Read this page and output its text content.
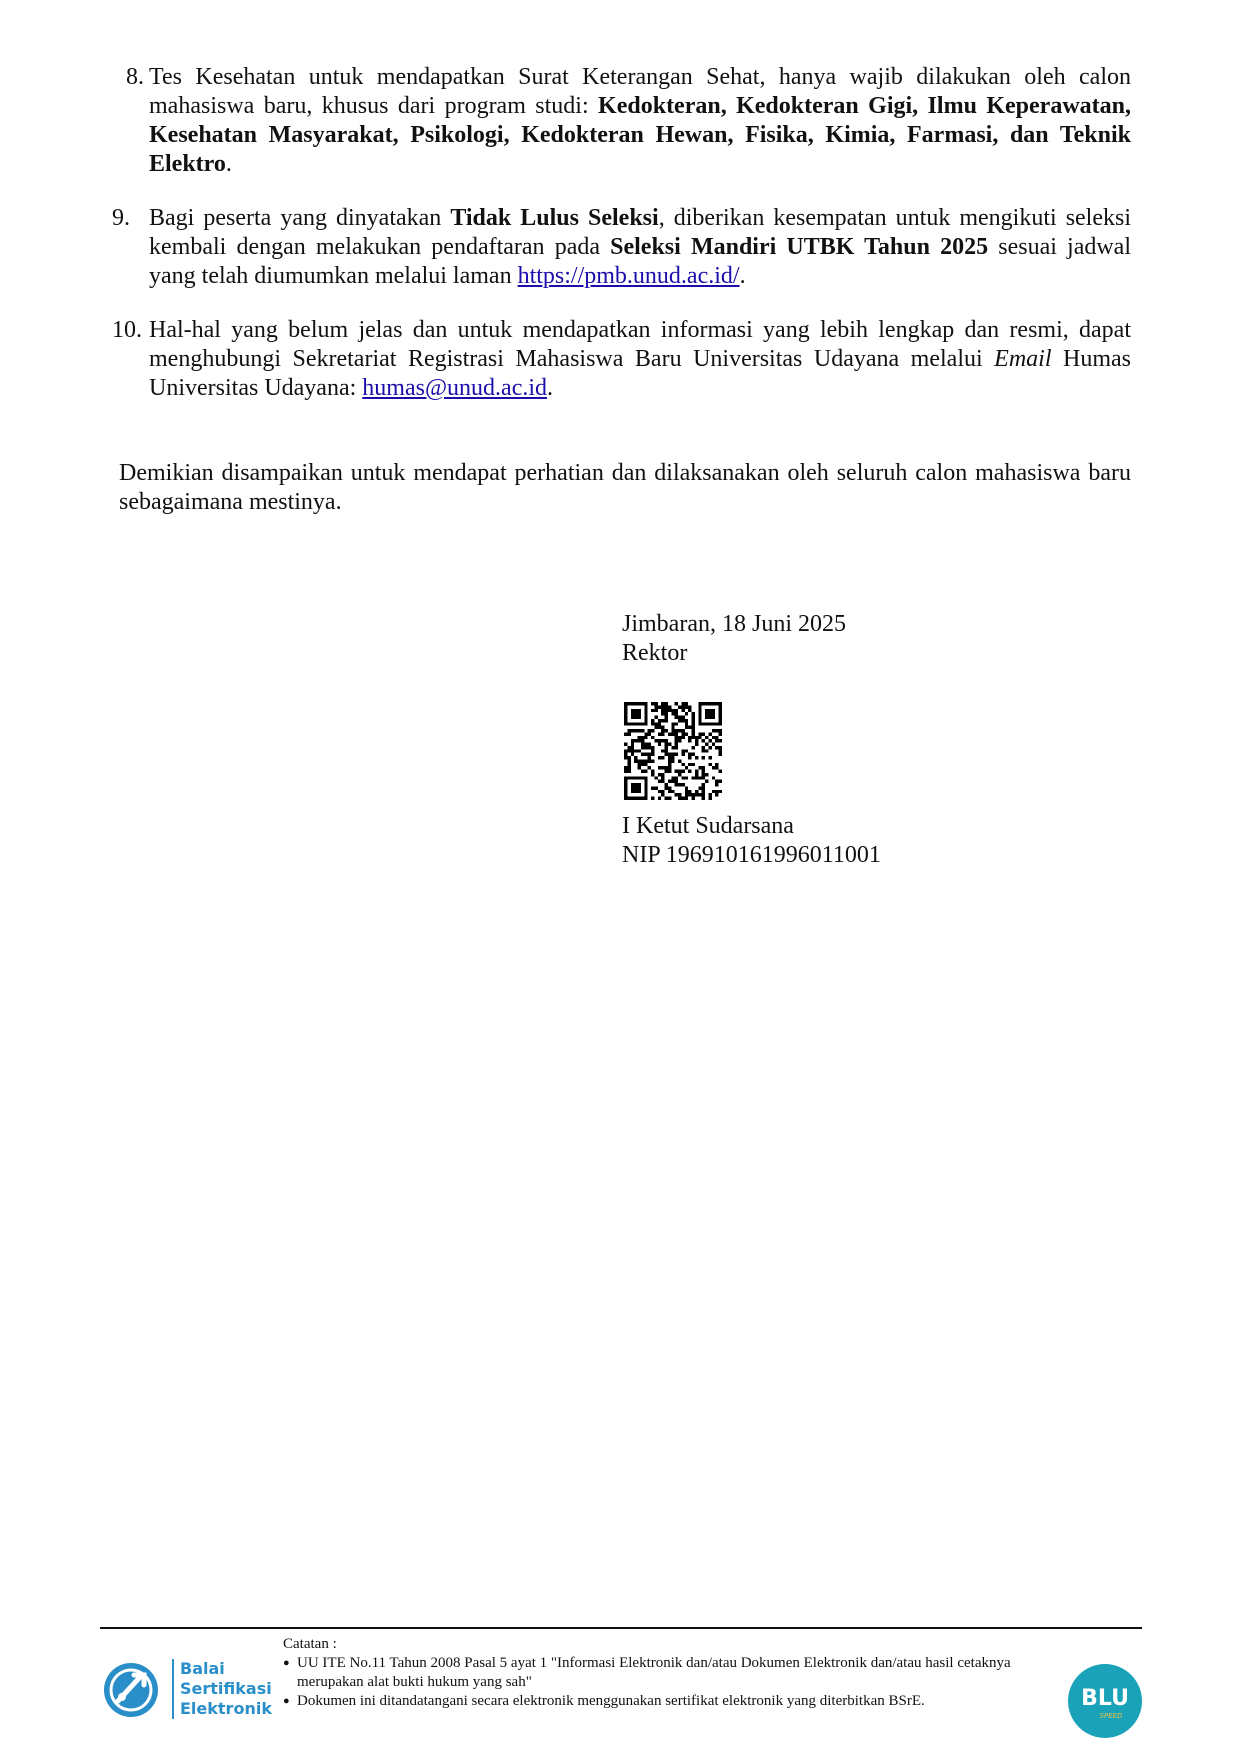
8. Tes Kesehatan untuk mendapatkan Surat Keterangan Sehat, hanya wajib dilakukan oleh calon mahasiswa baru, khusus dari program studi: Kedokteran, Kedokteran Gigi, Ilmu Keperawatan, Kesehatan Masyarakat, Psikologi, Kedokteran Hewan, Fisika, Kimia, Farmasi, dan Teknik Elektro.
9. Bagi peserta yang dinyatakan Tidak Lulus Seleksi, diberikan kesempatan untuk mengikuti seleksi kembali dengan melakukan pendaftaran pada Seleksi Mandiri UTBK Tahun 2025 sesuai jadwal yang telah diumumkan melalui laman https://pmb.unud.ac.id/.
10. Hal-hal yang belum jelas dan untuk mendapatkan informasi yang lebih lengkap dan resmi, dapat menghubungi Sekretariat Registrasi Mahasiswa Baru Universitas Udayana melalui Email Humas Universitas Udayana: humas@unud.ac.id.
Demikian disampaikan untuk mendapat perhatian dan dilaksanakan oleh seluruh calon mahasiswa baru sebagaimana mestinya.
Jimbaran, 18 Juni 2025
Rektor
I Ketut Sudarsana
NIP 196910161996011001
Balai
Sertifikasi
Elektronik
Catatan :
● UU ITE No.11 Tahun 2008 Pasal 5 ayat 1 "Informasi Elektronik dan/atau Dokumen Elektronik dan/atau hasil cetaknya merupakan alat bukti hukum yang sah"
● Dokumen ini ditandatangani secara elektronik menggunakan sertifikat elektronik yang diterbitkan BSrE.	BLU
SPEED
